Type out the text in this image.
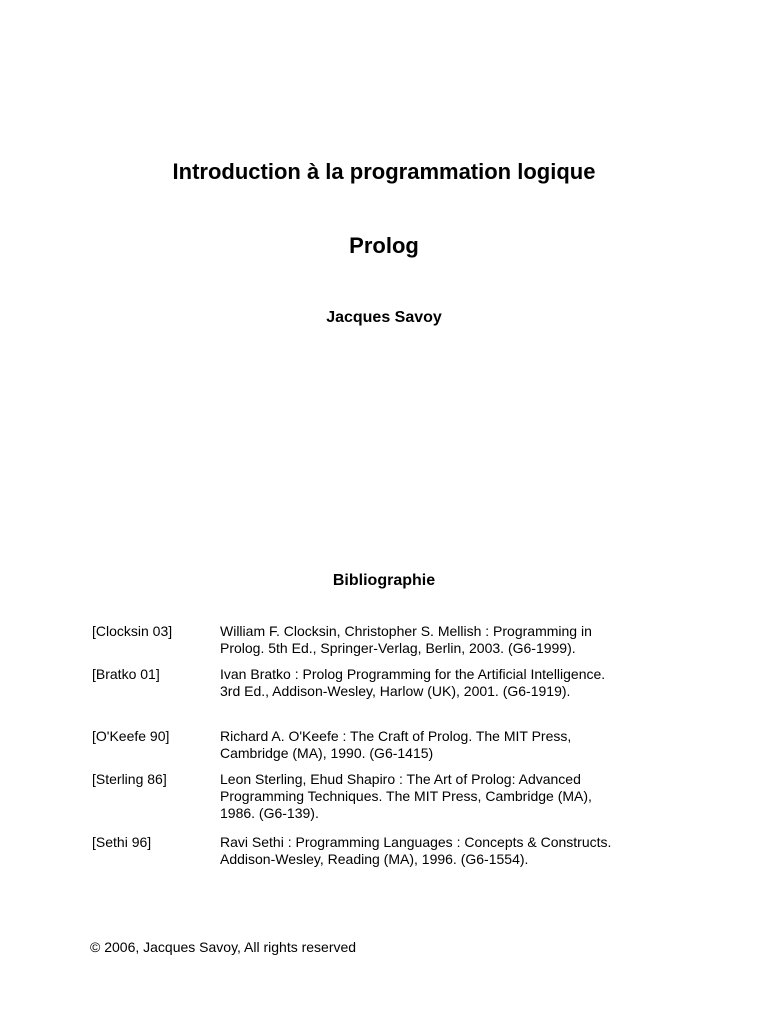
Introduction à la programmation logique
Prolog
Jacques Savoy
Bibliographie
[Clocksin 03]	William F. Clocksin, Christopher S. Mellish : Programming in
Prolog. 5th Ed., Springer-Verlag, Berlin, 2003. (G6-1999).
[Bratko 01]	Ivan Bratko : Prolog Programming for the Artificial Intelligence.
3rd Ed., Addison-Wesley, Harlow (UK), 2001. (G6-1919).
[O'Keefe 90]	Richard A. O'Keefe : The Craft of Prolog. The MIT Press,
Cambridge (MA), 1990. (G6-1415)
[Sterling 86]	Leon Sterling, Ehud Shapiro : The Art of Prolog: Advanced
Programming Techniques. The MIT Press, Cambridge (MA),
1986. (G6-139).
[Sethi 96]	Ravi Sethi : Programming Languages : Concepts & Constructs.
Addison-Wesley, Reading (MA), 1996. (G6-1554).

© 2006, Jacques Savoy, All rights reserved
